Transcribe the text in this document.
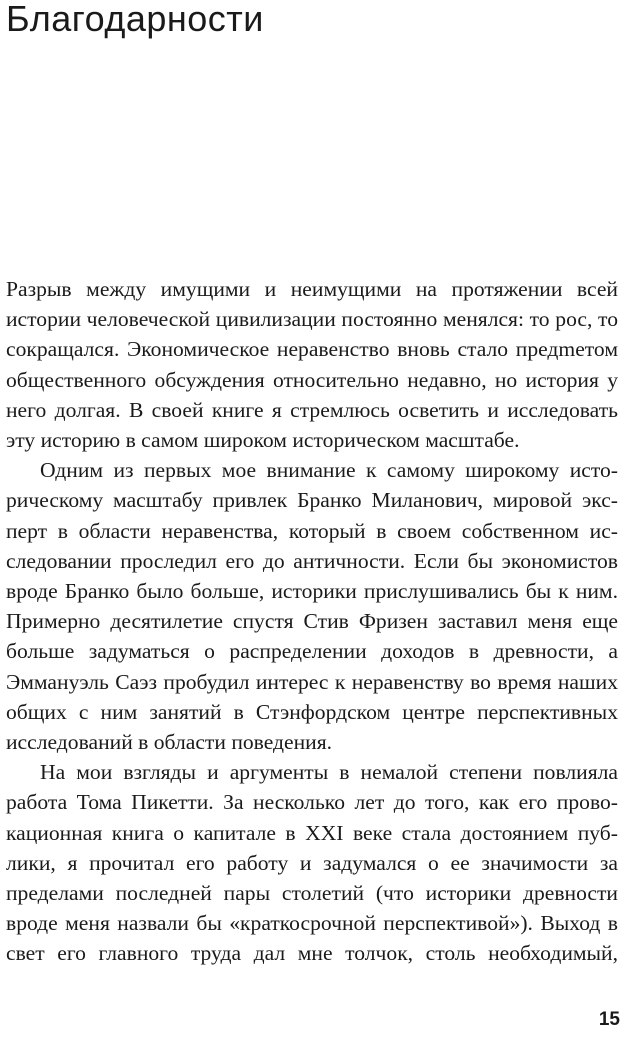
Благодарности

Разрыв между имущими и неимущими на протяжении всей истории человеческой цивилизации постоянно менялся: то рос, то сокращался. Экономическое неравенство вновь стало предmетом общественного обсуждения относительно недавно, но история у него долгая. В своей книге я стремлюсь осветить и исследовать эту историю в самом широком историческом масштабе.

Одним из первых мое внимание к самому широкому историческому масштабу привлек Бранко Миланович, мировой эксперт в области неравенства, который в своем собственном исследовании проследил его до античности. Если бы экономистов вроде Бранко было больше, историки прислушивались бы к ним. Примерно десятилетие спустя Стив Фризен заставил меня еще больше задуматься о распределении доходов в древности, а Эммануэль Саэз пробудил интерес к неравенству во время наших общих с ним занятий в Стэнфордском центре перспективных исследований в области поведения.

На мои взгляды и аргументы в немалой степени повлияла работа Тома Пикетти. За несколько лет до того, как его провокационная книга о капитале в XXI веке стала достоянием публики, я прочитал его работу и задумался о ее значимости за пределами последней пары столетий (что историки древности вроде меня назвали бы «краткосрочной перспективой»). Выход в свет его главного труда дал мне толчок, столь необходимый,

15
